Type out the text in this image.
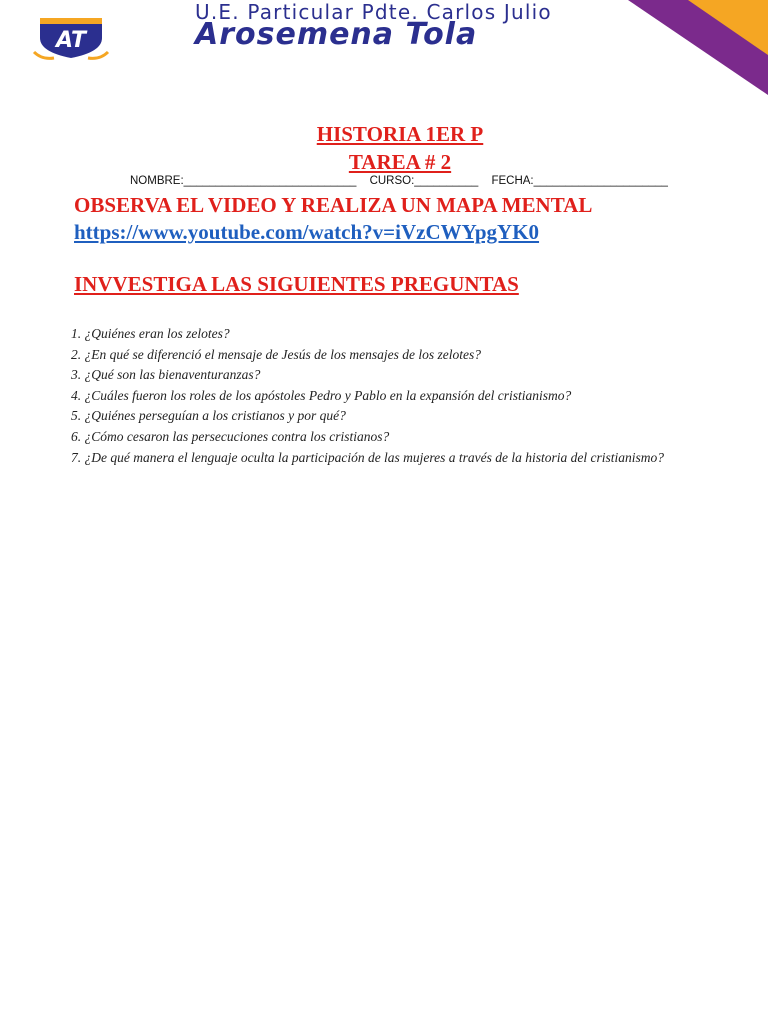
AT
U.E. Particular Pdte. Carlos Julio
Arosemena Tola
HISTORIA 1ER P
TAREA # 2
NOMBRE:___________________________ CURSO:__________ FECHA:_____________________
OBSERVA EL VIDEO Y REALIZA UN MAPA MENTAL
https://www.youtube.com/watch?v=iVzCWYpgYK0
INVVESTIGA LAS SIGUIENTES PREGUNTAS
1. ¿Quiénes eran los zelotes?
2. ¿En qué se diferenció el mensaje de Jesús de los mensajes de los zelotes?
3. ¿Qué son las bienaventuranzas?
4. ¿Cuáles fueron los roles de los apóstoles Pedro y Pablo en la expansión del cristianismo?
5. ¿Quiénes perseguían a los cristianos y por qué?
6. ¿Cómo cesaron las persecuciones contra los cristianos?
7. ¿De qué manera el lenguaje oculta la participación de las mujeres a través de la historia del cristianismo?
